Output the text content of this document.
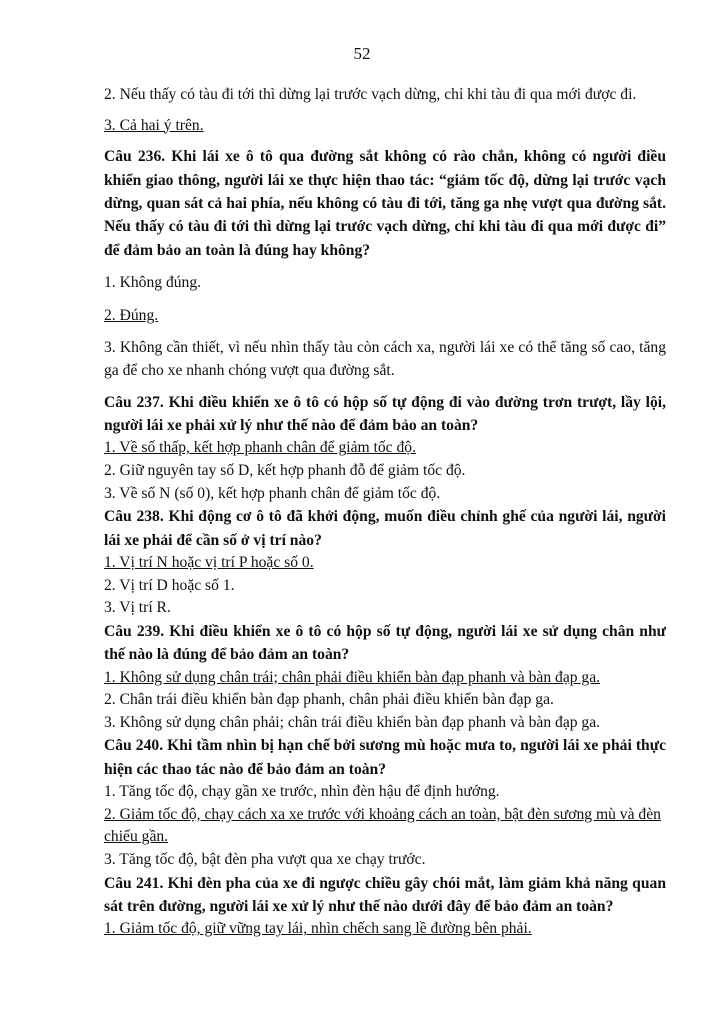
52

2. Nếu thấy có tàu đi tới thì dừng lại trước vạch dừng, chỉ khi tàu đi qua mới được đi.

3. Cả hai ý trên.

Câu 236. Khi lái xe ô tô qua đường sắt không có rào chắn, không có người điều khiển giao thông, người lái xe thực hiện thao tác: “giảm tốc độ, dừng lại trước vạch dừng, quan sát cả hai phía, nếu không có tàu đi tới, tăng ga nhẹ vượt qua đường sắt. Nếu thấy có tàu đi tới thì dừng lại trước vạch dừng, chỉ khi tàu đi qua mới được đi” để đảm bảo an toàn là đúng hay không?

1. Không đúng.

2. Đúng.

3. Không cần thiết, vì nếu nhìn thấy tàu còn cách xa, người lái xe có thể tăng số cao, tăng ga để cho xe nhanh chóng vượt qua đường sắt.

Câu 237. Khi điều khiển xe ô tô có hộp số tự động đi vào đường trơn trượt, lầy lội, người lái xe phải xử lý như thế nào để đảm bảo an toàn?

1. Về số thấp, kết hợp phanh chân để giảm tốc độ.

2. Giữ nguyên tay số D, kết hợp phanh đỗ để giảm tốc độ.

3. Về số N (số 0), kết hợp phanh chân để giảm tốc độ.

Câu 238. Khi động cơ ô tô đã khởi động, muốn điều chỉnh ghế của người lái, người lái xe phải để cần số ở vị trí nào?

1. Vị trí N hoặc vị trí P hoặc số 0.

2. Vị trí D hoặc số 1.

3. Vị trí R.

Câu 239. Khi điều khiển xe ô tô có hộp số tự động, người lái xe sử dụng chân như thế nào là đúng để bảo đảm an toàn?

1. Không sử dụng chân trái; chân phải điều khiển bàn đạp phanh và bàn đạp ga.

2. Chân trái điều khiển bàn đạp phanh, chân phải điều khiển bàn đạp ga.

3. Không sử dụng chân phải; chân trái điều khiển bàn đạp phanh và bàn đạp ga.

Câu 240. Khi tầm nhìn bị hạn chế bởi sương mù hoặc mưa to, người lái xe phải thực hiện các thao tác nào để bảo đảm an toàn?

1. Tăng tốc độ, chạy gần xe trước, nhìn đèn hậu để định hướng.

2. Giảm tốc độ, chạy cách xa xe trước với khoảng cách an toàn, bật đèn sương mù và đèn chiếu gần.

3. Tăng tốc độ, bật đèn pha vượt qua xe chạy trước.

Câu 241. Khi đèn pha của xe đi ngược chiều gây chói mắt, làm giảm khả năng quan sát trên đường, người lái xe xử lý như thế nào dưới đây để bảo đảm an toàn?

1. Giảm tốc độ, giữ vững tay lái, nhìn chếch sang lề đường bên phải.
